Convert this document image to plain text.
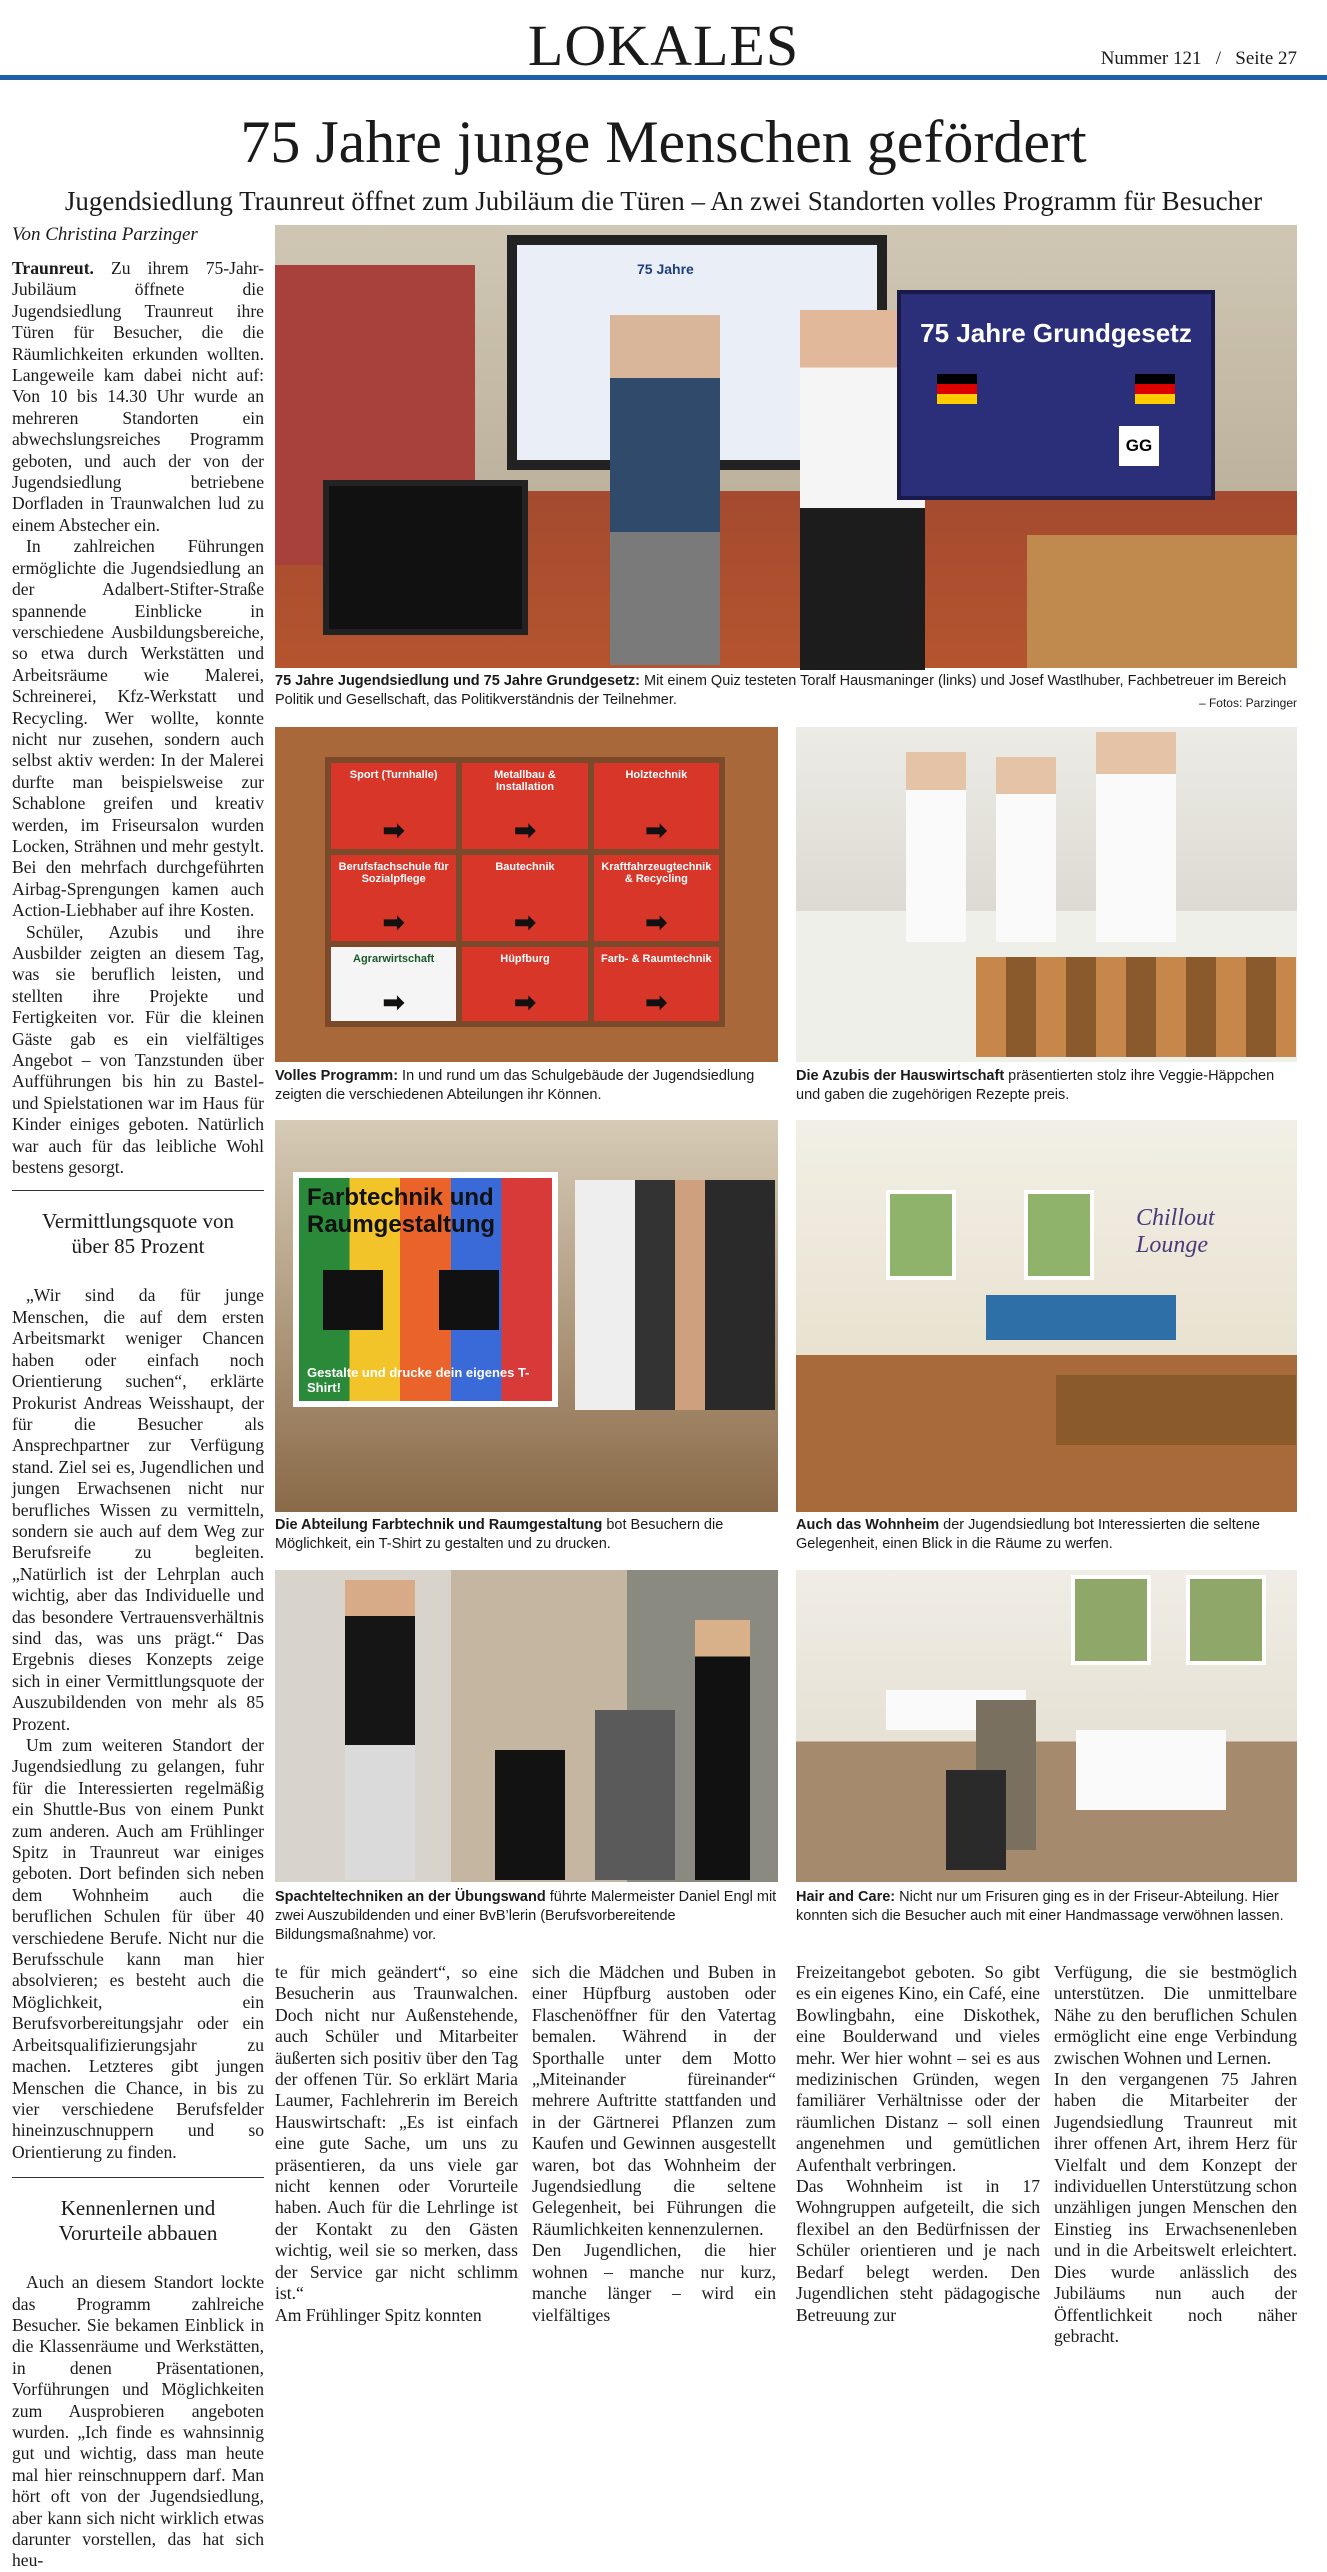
LOKALES	Nummer 121   /   Seite 27
75 Jahre junge Menschen gefördert
Jugendsiedlung Traunreut öffnet zum Jubiläum die Türen – An zwei Standorten volles Programm für Besucher
Von Christina Parzinger

Traunreut. Zu ihrem 75-Jahr-Jubiläum öffnete die Jugendsiedlung Traunreut ihre Türen für Besucher, die die Räumlichkeiten erkunden wollten. Langeweile kam dabei nicht auf: Von 10 bis 14.30 Uhr wurde an mehreren Standorten ein abwechslungsreiches Programm geboten, und auch der von der Jugendsiedlung betriebene Dorfladen in Traunwalchen lud zu einem Abstecher ein.

In zahlreichen Führungen ermöglichte die Jugendsiedlung an der Adalbert-Stifter-Straße spannende Einblicke in verschiedene Ausbildungsbereiche, so etwa durch Werkstätten und Arbeitsräume wie Malerei, Schreinerei, Kfz-Werkstatt und Recycling. Wer wollte, konnte nicht nur zusehen, sondern auch selbst aktiv werden: In der Malerei durfte man beispielsweise zur Schablone greifen und kreativ werden, im Friseursalon wurden Locken, Strähnen und mehr gestylt. Bei den mehrfach durchgeführten Airbag-Sprengungen kamen auch Action-Liebhaber auf ihre Kosten.

Schüler, Azubis und ihre Ausbilder zeigten an diesem Tag, was sie beruflich leisten, und stellten ihre Projekte und Fertigkeiten vor. Für die kleinen Gäste gab es ein vielfältiges Angebot – von Tanzstunden über Aufführungen bis hin zu Bastel- und Spielstationen war im Haus für Kinder einiges geboten. Natürlich war auch für das leibliche Wohl bestens gesorgt.

Vermittlungsquote von über 85 Prozent

„Wir sind da für junge Menschen, die auf dem ersten Arbeitsmarkt weniger Chancen haben oder einfach noch Orientierung suchen“, erklärte Prokurist Andreas Weisshaupt, der für die Besucher als Ansprechpartner zur Verfügung stand. Ziel sei es, Jugendlichen und jungen Erwachsenen nicht nur berufliches Wissen zu vermitteln, sondern sie auch auf dem Weg zur Berufsreife zu begleiten. „Natürlich ist der Lehrplan auch wichtig, aber das Individuelle und das besondere Vertrauensverhältnis sind das, was uns prägt.“ Das Ergebnis dieses Konzepts zeige sich in einer Vermittlungsquote der Auszubildenden von mehr als 85 Prozent.

Um zum weiteren Standort der Jugendsiedlung zu gelangen, fuhr für die Interessierten regelmäßig ein Shuttle-Bus von einem Punkt zum anderen. Auch am Frühlinger Spitz in Traunreut war einiges geboten. Dort befinden sich neben dem Wohnheim auch die beruflichen Schulen für über 40 verschiedene Berufe. Nicht nur die Berufsschule kann man hier absolvieren; es besteht auch die Möglichkeit, ein Berufsvorbereitungsjahr oder ein Arbeitsqualifizierungsjahr zu machen. Letzteres gibt jungen Menschen die Chance, in bis zu vier verschiedene Berufsfelder hineinzuschnuppern und so Orientierung zu finden.

Kennenlernen und Vorurteile abbauen

Auch an diesem Standort lockte das Programm zahlreiche Besucher. Sie bekamen Einblick in die Klassenräume und Werkstätten, in denen Präsentationen, Vorführungen und Möglichkeiten zum Ausprobieren angeboten wurden. „Ich finde es wahnsinnig gut und wichtig, dass man heute mal hier reinschnuppern darf. Man hört oft von der Jugendsiedlung, aber kann sich nicht wirklich etwas darunter vorstellen, das hat sich heu-

75 Jahre
75 Jahre Grundgesetz
GG
75 Jahre Jugendsiedlung und 75 Jahre Grundgesetz: Mit einem Quiz testeten Toralf Hausmaninger (links) und Josef Wastlhuber, Fachbetreuer im Bereich Politik und Gesellschaft, das Politikverständnis der Teilnehmer.	– Fotos: Parzinger
Sport (Turnhalle)
➡
Metallbau & Installation
➡
Holztechnik
➡
Berufsfachschule für Sozialpflege
➡
Bautechnik
➡
Kraftfahrzeugtechnik & Recycling
➡
Agrarwirtschaft
➡
Hüpfburg
➡
Farb- & Raumtechnik
➡
Volles Programm: In und rund um das Schulgebäude der Jugendsiedlung zeigten die verschiedenen Abteilungen ihr Können.
Die Azubis der Hauswirtschaft präsentierten stolz ihre Veggie-Häppchen und gaben die zugehörigen Rezepte preis.
Farbtechnik und Raumgestaltung
Gestalte und drucke dein eigenes T-Shirt!
Die Abteilung Farbtechnik und Raumgestaltung bot Besuchern die Möglichkeit, ein T-Shirt zu gestalten und zu drucken.
Chillout Lounge
Auch das Wohnheim der Jugendsiedlung bot Interessierten die seltene Gelegenheit, einen Blick in die Räume zu werfen.
Spachteltechniken an der Übungswand führte Malermeister Daniel Engl mit zwei Auszubildenden und einer BvB’lerin (Berufsvorbereitende Bildungsmaßnahme) vor.
Hair and Care: Nicht nur um Frisuren ging es in der Friseur-Abteilung. Hier konnten sich die Besucher auch mit einer Handmassage verwöhnen lassen.
te für mich geändert“, so eine Besucherin aus Traunwalchen. Doch nicht nur Außenstehende, auch Schüler und Mitarbeiter äußerten sich positiv über den Tag der offenen Tür. So erklärt Maria Laumer, Fachlehrerin im Bereich Hauswirtschaft: „Es ist einfach eine gute Sache, um uns zu präsentieren, da uns viele gar nicht kennen oder Vorurteile haben. Auch für die Lehrlinge ist der Kontakt zu den Gästen wichtig, weil sie so merken, dass der Service gar nicht schlimm ist.“
Am Frühlinger Spitz konnten
sich die Mädchen und Buben in einer Hüpfburg austoben oder Flaschenöffner für den Vatertag bemalen. Während in der Sporthalle unter dem Motto „Miteinander füreinander“ mehrere Auftritte stattfanden und in der Gärtnerei Pflanzen zum Kaufen und Gewinnen ausgestellt waren, bot das Wohnheim der Jugendsiedlung die seltene Gelegenheit, bei Führungen die Räumlichkeiten kennenzulernen.
Den Jugendlichen, die hier wohnen – manche nur kurz, manche länger – wird ein vielfältiges
Freizeitangebot geboten. So gibt es ein eigenes Kino, ein Café, eine Bowlingbahn, eine Diskothek, eine Boulderwand und vieles mehr. Wer hier wohnt – sei es aus medizinischen Gründen, wegen familiärer Verhältnisse oder der räumlichen Distanz – soll einen angenehmen und gemütlichen Aufenthalt verbringen.
Das Wohnheim ist in 17 Wohngruppen aufgeteilt, die sich flexibel an den Bedürfnissen der Schüler orientieren und je nach Bedarf belegt werden. Den Jugendlichen steht pädagogische Betreuung zur
Verfügung, die sie bestmöglich unterstützen. Die unmittelbare Nähe zu den beruflichen Schulen ermöglicht eine enge Verbindung zwischen Wohnen und Lernen.
In den vergangenen 75 Jahren haben die Mitarbeiter der Jugendsiedlung Traunreut mit ihrer offenen Art, ihrem Herz für Vielfalt und dem Konzept der individuellen Unterstützung schon unzähligen jungen Menschen den Einstieg ins Erwachsenenleben und in die Arbeitswelt erleichtert. Dies wurde anlässlich des Jubiläums nun auch der Öffentlichkeit noch näher gebracht.
